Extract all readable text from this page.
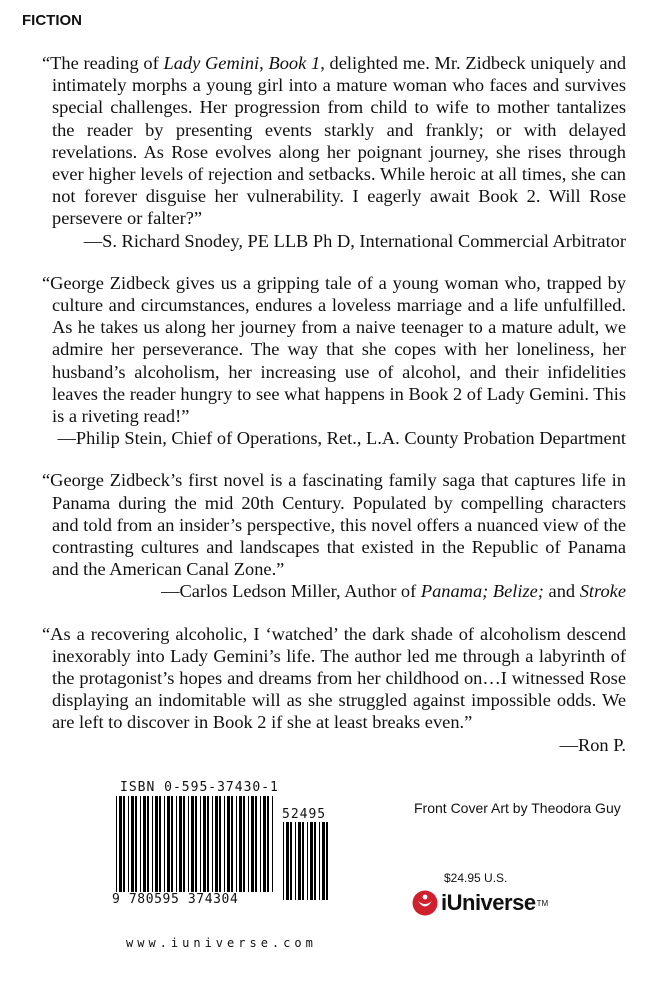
FICTION

“The reading of Lady Gemini, Book 1, delighted me. Mr. Zidbeck uniquely and intimately morphs a young girl into a mature woman who faces and survives special challenges. Her progression from child to wife to mother tantalizes the reader by presenting events starkly and frankly; or with delayed revelations. As Rose evolves along her poignant journey, she rises through ever higher levels of rejection and setbacks. While heroic at all times, she can not forever disguise her vulnerability. I eagerly await Book 2. Will Rose persevere or falter?”

—S. Richard Snodey, PE LLB Ph D, International Commercial Arbitrator

“George Zidbeck gives us a gripping tale of a young woman who, trapped by culture and circumstances, endures a loveless marriage and a life unfulfilled. As he takes us along her journey from a naive teenager to a mature adult, we admire her perseverance. The way that she copes with her loneliness, her husband’s alcoholism, her increasing use of alcohol, and their infidelities leaves the reader hungry to see what happens in Book 2 of Lady Gemini. This is a riveting read!”

—Philip Stein, Chief of Operations, Ret., L.A. County Probation Department

“George Zidbeck’s first novel is a fascinating family saga that captures life in Panama during the mid 20th Century. Populated by compelling characters and told from an insider’s perspective, this novel offers a nuanced view of the contrasting cultures and landscapes that existed in the Republic of Panama and the American Canal Zone.”

—Carlos Ledson Miller, Author of Panama; Belize; and Stroke

“As a recovering alcoholic, I ‘watched’ the dark shade of alcoholism descend inexorably into Lady Gemini’s life. The author led me through a labyrinth of the protagonist’s hopes and dreams from her childhood on…I witnessed Rose displaying an indomitable will as she struggled against impossible odds. We are left to discover in Book 2 if she at least breaks even.”

—Ron P.

ISBN 0-595-37430-1
52495
9 780595 374304
www.iuniverse.com
Front Cover Art by Theodora Guy
$24.95 U.S.
iUniverse TM
